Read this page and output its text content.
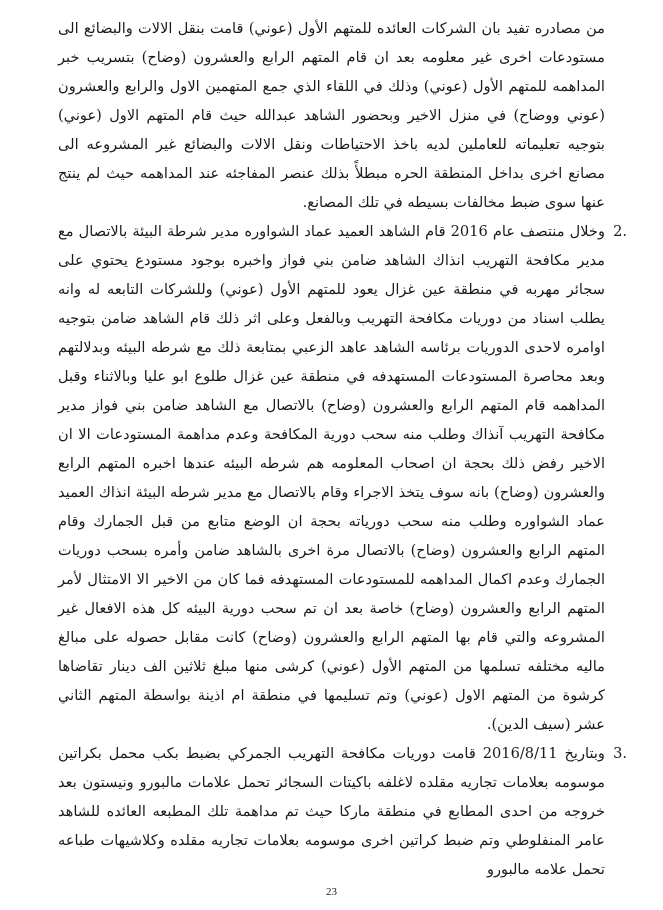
من مصادره تفيد بان الشركات العائده للمتهم الأول (عوني) قامت بنقل الالات والبضائع الى مستودعات اخرى غير معلومه بعد ان قام المتهم الرابع والعشرون (وضاح) بتسريب خبر المداهمه للمتهم الأول (عوني) وذلك في اللقاء الذي جمع المتهمين الاول والرابع والعشرون (عوني ووضاح) في منزل الاخير وبحضور الشاهد عبدالله حيث قام المتهم الاول (عوني) بتوجيه تعليماته للعاملين لديه باخذ الاحتياطات ونقل الالات والبضائع غير المشروعه الى مصانع اخرى بداخل المنطقة الحره مبطلأً بذلك عنصر المفاجئه عند المداهمه حيث لم ينتج عنها سوى ضبط مخالفات بسيطه في تلك المصانع.

2.
وخلال منتصف عام 2016 قام الشاهد العميد عماد الشواوره مدير شرطة البيئة بالاتصال مع مدير مكافحة التهريب انذاك الشاهد ضامن بني فواز واخبره بوجود مستودع يحتوي على سجائر مهربه في منطقة عين غزال يعود للمتهم الأول (عوني) وللشركات التابعه له وانه يطلب اسناد من دوريات مكافحة التهريب وبالفعل وعلى اثر ذلك قام الشاهد ضامن بتوجيه اوامره لاحدى الدوريات برئاسه الشاهد عاهد الزعبي بمتابعة ذلك مع شرطه البيئه وبدلالتهم وبعد محاصرة المستودعات المستهدفه في منطقة عين غزال طلوع ابو عليا وبالاثناء وقبل المداهمه قام المتهم الرابع والعشرون (وضاح) بالاتصال مع الشاهد ضامن بني فواز مدير مكافحة التهريب آنذاك وطلب منه سحب دورية المكافحة وعدم مداهمة المستودعات الا ان الاخير رفض ذلك بحجة ان اصحاب المعلومه هم شرطه البيئه عندها اخبره المتهم الرابع والعشرون (وضاح) بانه سوف يتخذ الاجراء وقام بالاتصال مع مدير شرطه البيئة انذاك العميد عماد الشواوره وطلب منه سحب دورياته بحجة ان الوضع متابع من قبل الجمارك وقام المتهم الرابع والعشرون (وضاح) بالاتصال مرة اخرى بالشاهد ضامن وأمره بسحب دوريات الجمارك وعدم اكمال المداهمه للمستودعات المستهدفه فما كان من الاخير الا الامتثال لأمر المتهم الرابع والعشرون (وضاح) خاصة بعد ان تم سحب دورية البيئه كل هذه الافعال غير المشروعه والتي قام بها المتهم الرابع والعشرون (وضاح) كانت مقابل حصوله على مبالغ ماليه مختلفه تسلمها من المتهم الأول (عوني) كرشى منها مبلغ ثلاثين الف دينار تقاضاها كرشوة من المتهم الاول (عوني) وتم تسليمها في منطقة ام اذينة بواسطة المتهم الثاني عشر (سيف الدين).

3.
وبتاريخ 2016/8/11 قامت دوريات مكافحة التهريب الجمركي بضبط بكب محمل بكراتين موسومه بعلامات تجاريه مقلده لاغلفه باكيتات السجائر تحمل علامات مالبورو ونيستون بعد خروجه من احدى المطابع في منطقة ماركا حيث تم مداهمة تلك المطبعه العائده للشاهد عامر المنفلوطي وتم ضبط كراتين اخرى موسومه بعلامات تجاريه مقلده وكلاشيهات طباعه تحمل علامه مالبورو

23
